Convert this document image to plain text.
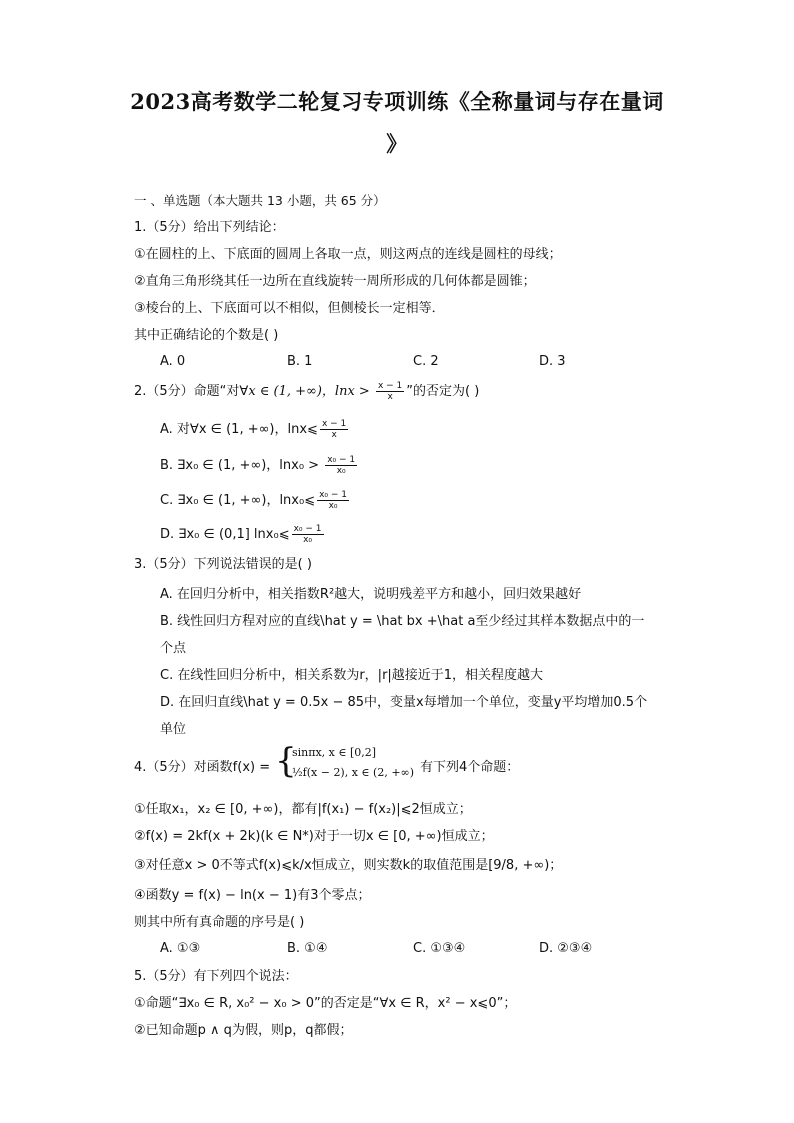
2023高考数学二轮复习专项训练《全称量词与存在量词
》
一 、单选题（本大题共 13 小题，共 65 分）
1.（5分）给出下列结论：
①在圆柱的上、下底面的圆周上各取一点，则这两点的连线是圆柱的母线；
②直角三角形绕其任一边所在直线旋转一周所形成的几何体都是圆锥；
③棱台的上、下底面可以不相似，但侧棱长一定相等．
其中正确结论的个数是( )
A. 0	B. 1	C. 2	D. 3
2.（5分）命题“对∀x ∈ (1, +∞)，$\ln x > \frac{x - 1}{x}$ ”的否定为( )
A. 对∀x ∈ (1, +∞)，lnx⩽ $\frac{x - 1}{x}$
B. ∃x₀ ∈ (1, +∞)，$\ln x_0 > \frac{\text{x₀ − 1}}{\text{x₀}}$
C. ∃x₀ ∈ (1, +∞)，lnx₀⩽ $\frac{\text{x₀ − 1}}{\text{x₀}}$
D. ∃x₀ ∈ (0,1] lnx₀⩽ $\frac{\text{x₀ − 1}}{\text{x₀}}$
3.（5分）下列说法错误的是( )
A. 在回归分析中，相关指数R²越大，说明残差平方和越小，回归效果越好
B. 线性回归方程对应的直线\hat y = \hat bx +\hat a至少经过其样本数据点中的一
个点
C. 在线性回归分析中，相关系数为r，|r|越接近于1，相关程度越大
D. 在回归直线\hat y = 0.5x − 85中，变量x每增加一个单位，变量y平均增加0.5个
单位
4.（5分）对函数f(x) = {
sinπx, x ∈ [0,2]
½f(x − 2), x ∈ (2, +∞) 有下列4个命题：
①任取x₁，x₂ ∈ [0, +∞)，都有|f(x₁) − f(x₂)|⩽2恒成立；
②f(x) = 2kf(x + 2k)(k ∈ N*)对于一切x ∈ [0, +∞)恒成立；
③对任意x > 0不等式f(x)⩽k/x恒成立，则实数k的取值范围是[9/8, +∞)；
④函数y = f(x) − ln(x − 1)有3个零点；
则其中所有真命题的序号是( )
A. ①③	B. ①④	C. ①③④	D. ②③④
5.（5分）有下列四个说法：
①命题“∃x₀ ∈ R, x₀² − x₀ > 0”的否定是“∀x ∈ R，x² − x⩽0”；
②已知命题p ∧ q为假，则p，q都假；
